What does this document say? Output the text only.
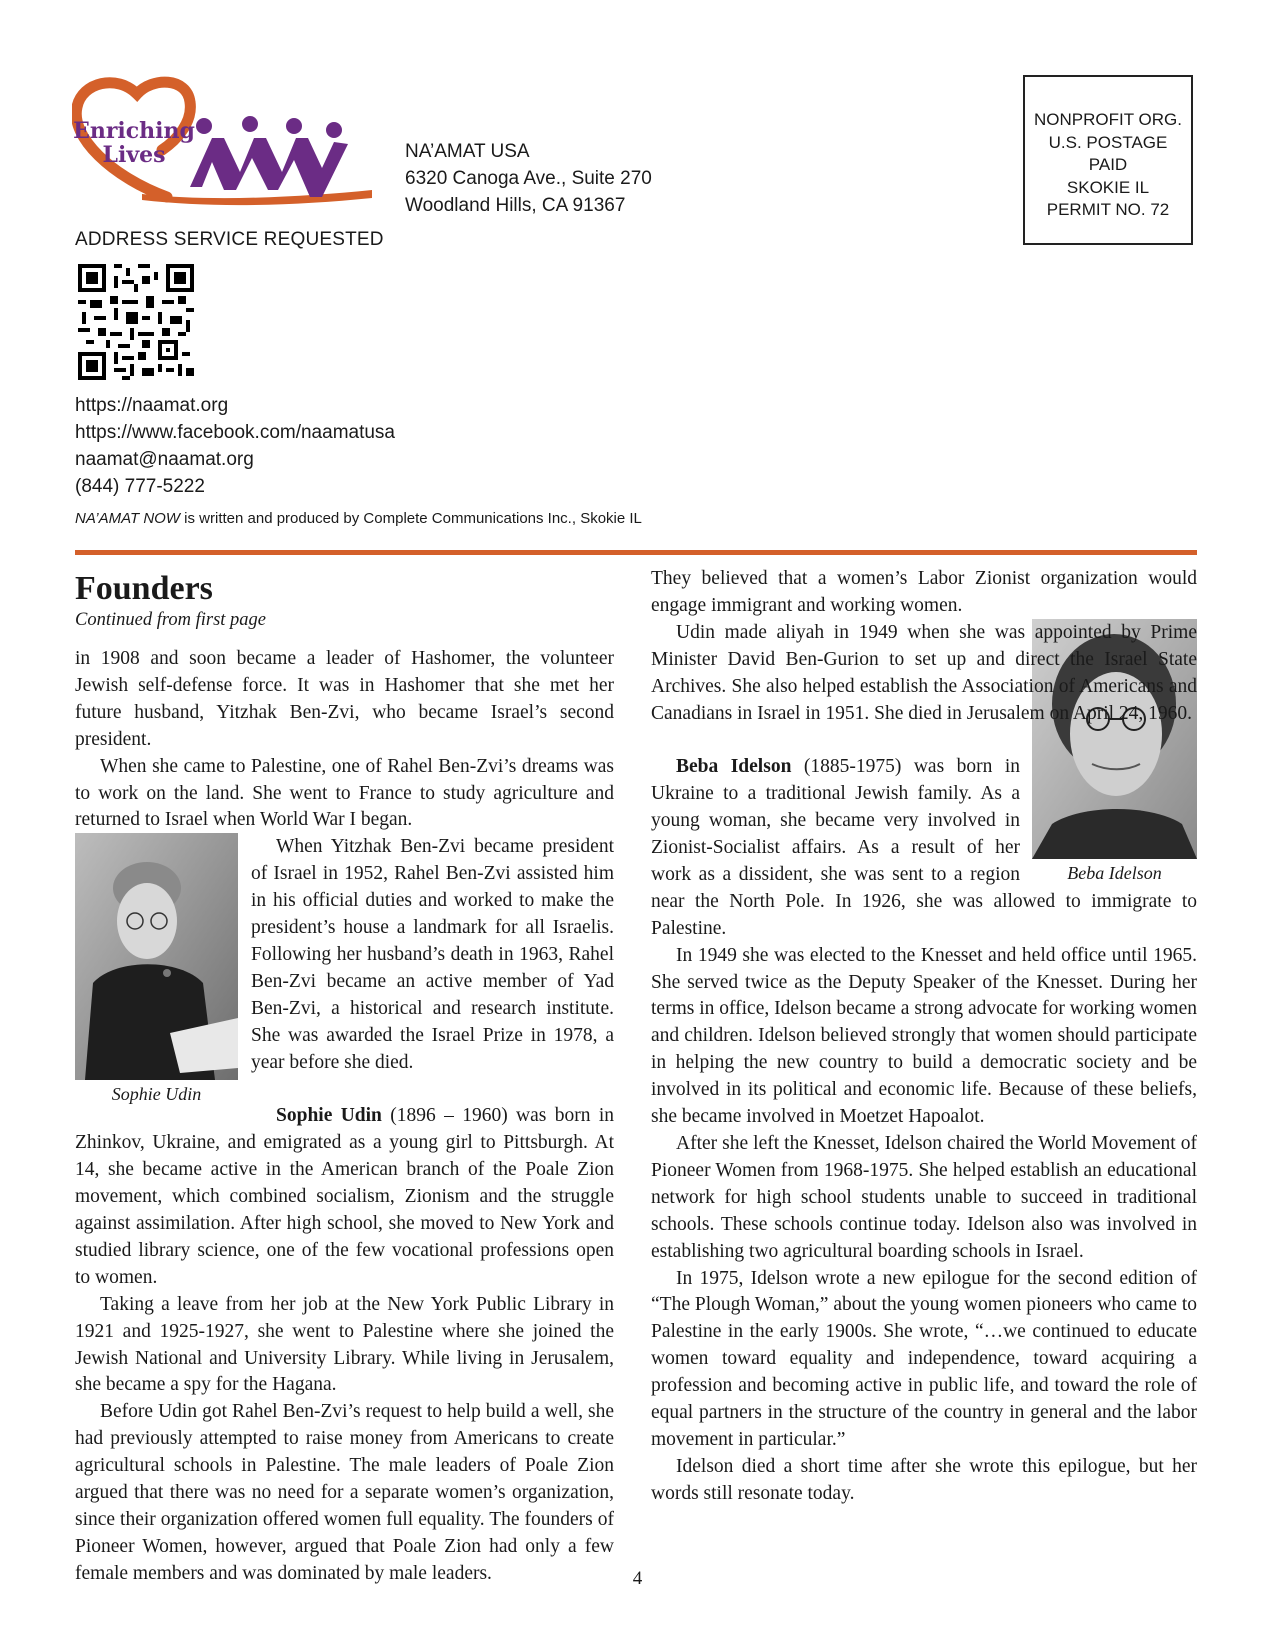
Enriching
Lives	NA’AMAT USA
6320 Canoga Ave., Suite 270
Woodland Hills, CA 91367
ADDRESS SERVICE REQUESTED
https://naamat.org
https://www.facebook.com/naamatusa
naamat@naamat.org
(844) 777-5222
NA’AMAT NOW is written and produced by Complete Communications Inc., Skokie IL
NONPROFIT ORG.
U.S. POSTAGE
PAID
SKOKIE IL
PERMIT NO. 72
Founders
Continued from first page

in 1908 and soon became a leader of Hashomer, the volunteer Jewish self-defense force. It was in Hashomer that she met her future husband, Yitzhak Ben-Zvi, who became Israel’s second president.

When she came to Palestine, one of Rahel Ben-Zvi’s dreams was to work on the land. She went to France to study agriculture and returned to Israel when World War I began.

Sophie Udin

When Yitzhak Ben-Zvi became president of Israel in 1952, Rahel Ben-Zvi assisted him in his official duties and worked to make the president’s house a landmark for all Israelis. Following her husband’s death in 1963, Rahel Ben-Zvi became an active member of Yad Ben-Zvi, a historical and research institute. She was awarded the Israel Prize in 1978, a year before she died.

Sophie Udin (1896 – 1960) was born in Zhinkov, Ukraine, and emigrated as a young girl to Pittsburgh. At 14, she became active in the American branch of the Poale Zion movement, which combined socialism, Zionism and the struggle against assimilation. After high school, she moved to New York and studied library science, one of the few vocational professions open to women.

Taking a leave from her job at the New York Public Library in 1921 and 1925-1927, she went to Palestine where she joined the Jewish National and University Library. While living in Jerusalem, she became a spy for the Hagana.

Before Udin got Rahel Ben-Zvi’s request to help build a well, she had previously attempted to raise money from Americans to create agricultural schools in Palestine. The male leaders of Poale Zion argued that there was no need for a separate women’s organization, since their organization offered women full equality. The founders of Pioneer Women, however, argued that Poale Zion had only a few female members and was dominated by male leaders.

They believed that a women’s Labor Zionist organization would engage immigrant and working women.

Udin made aliyah in 1949 when she was appointed by Prime Minister David Ben-Gurion to set up and direct the Israel State Archives. She also helped establish the Association of Americans and Canadians in Israel in 1951. She died in Jerusalem on April 24, 1960.

Beba Idelson

Beba Idelson (1885-1975) was born in Ukraine to a traditional Jewish family. As a young woman, she became very involved in Zionist-Socialist affairs. As a result of her work as a dissident, she was sent to a region near the North Pole. In 1926, she was allowed to immigrate to Palestine.

In 1949 she was elected to the Knesset and held office until 1965. She served twice as the Deputy Speaker of the Knesset. During her terms in office, Idelson became a strong advocate for working women and children. Idelson believed strongly that women should participate in helping the new country to build a democratic society and be involved in its political and economic life. Because of these beliefs, she became involved in Moetzet Hapoalot.

After she left the Knesset, Idelson chaired the World Movement of Pioneer Women from 1968-1975. She helped establish an educational network for high school students unable to succeed in traditional schools. These schools continue today. Idelson also was involved in establishing two agricultural boarding schools in Israel.

In 1975, Idelson wrote a new epilogue for the second edition of “The Plough Woman,” about the young women pioneers who came to Palestine in the early 1900s. She wrote, “…we continued to educate women toward equality and independence, toward acquiring a profession and becoming active in public life, and toward the role of equal partners in the structure of the country in general and the labor movement in particular.”

Idelson died a short time after she wrote this epilogue, but her words still resonate today.

4
